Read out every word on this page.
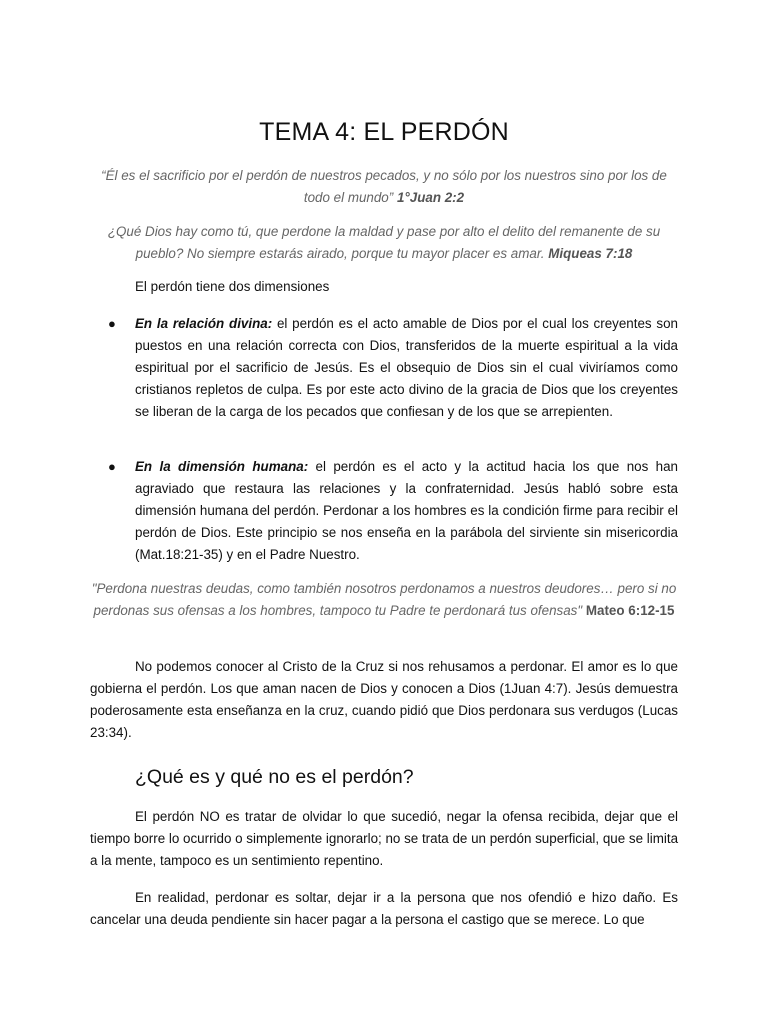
TEMA 4: EL PERDÓN
“Él es el sacrificio por el perdón de nuestros pecados, y no sólo por los nuestros sino por los de todo el mundo” 1°Juan 2:2
¿Qué Dios hay como tú, que perdone la maldad y pase por alto el delito del remanente de su pueblo? No siempre estarás airado, porque tu mayor placer es amar. Miqueas 7:18
El perdón tiene dos dimensiones
● En la relación divina: el perdón es el acto amable de Dios por el cual los creyentes son puestos en una relación correcta con Dios, transferidos de la muerte espiritual a la vida espiritual por el sacrificio de Jesús. Es el obsequio de Dios sin el cual viviríamos como cristianos repletos de culpa. Es por este acto divino de la gracia de Dios que los creyentes se liberan de la carga de los pecados que confiesan y de los que se arrepienten.
● En la dimensión humana: el perdón es el acto y la actitud hacia los que nos han agraviado que restaura las relaciones y la confraternidad. Jesús habló sobre esta dimensión humana del perdón. Perdonar a los hombres es la condición firme para recibir el perdón de Dios. Este principio se nos enseña en la parábola del sirviente sin misericordia (Mat.18:21-35) y en el Padre Nuestro.
"Perdona nuestras deudas, como también nosotros perdonamos a nuestros deudores… pero si no perdonas sus ofensas a los hombres, tampoco tu Padre te perdonará tus ofensas" Mateo 6:12-15
No podemos conocer al Cristo de la Cruz si nos rehusamos a perdonar. El amor es lo que gobierna el perdón. Los que aman nacen de Dios y conocen a Dios (1Juan 4:7). Jesús demuestra poderosamente esta enseñanza en la cruz, cuando pidió que Dios perdonara sus verdugos (Lucas 23:34).
¿Qué es y qué no es el perdón?
El perdón NO es tratar de olvidar lo que sucedió, negar la ofensa recibida, dejar que el tiempo borre lo ocurrido o simplemente ignorarlo; no se trata de un perdón superficial, que se limita a la mente, tampoco es un sentimiento repentino.
En realidad, perdonar es soltar, dejar ir a la persona que nos ofendió e hizo daño. Es cancelar una deuda pendiente sin hacer pagar a la persona el castigo que se merece. Lo que
